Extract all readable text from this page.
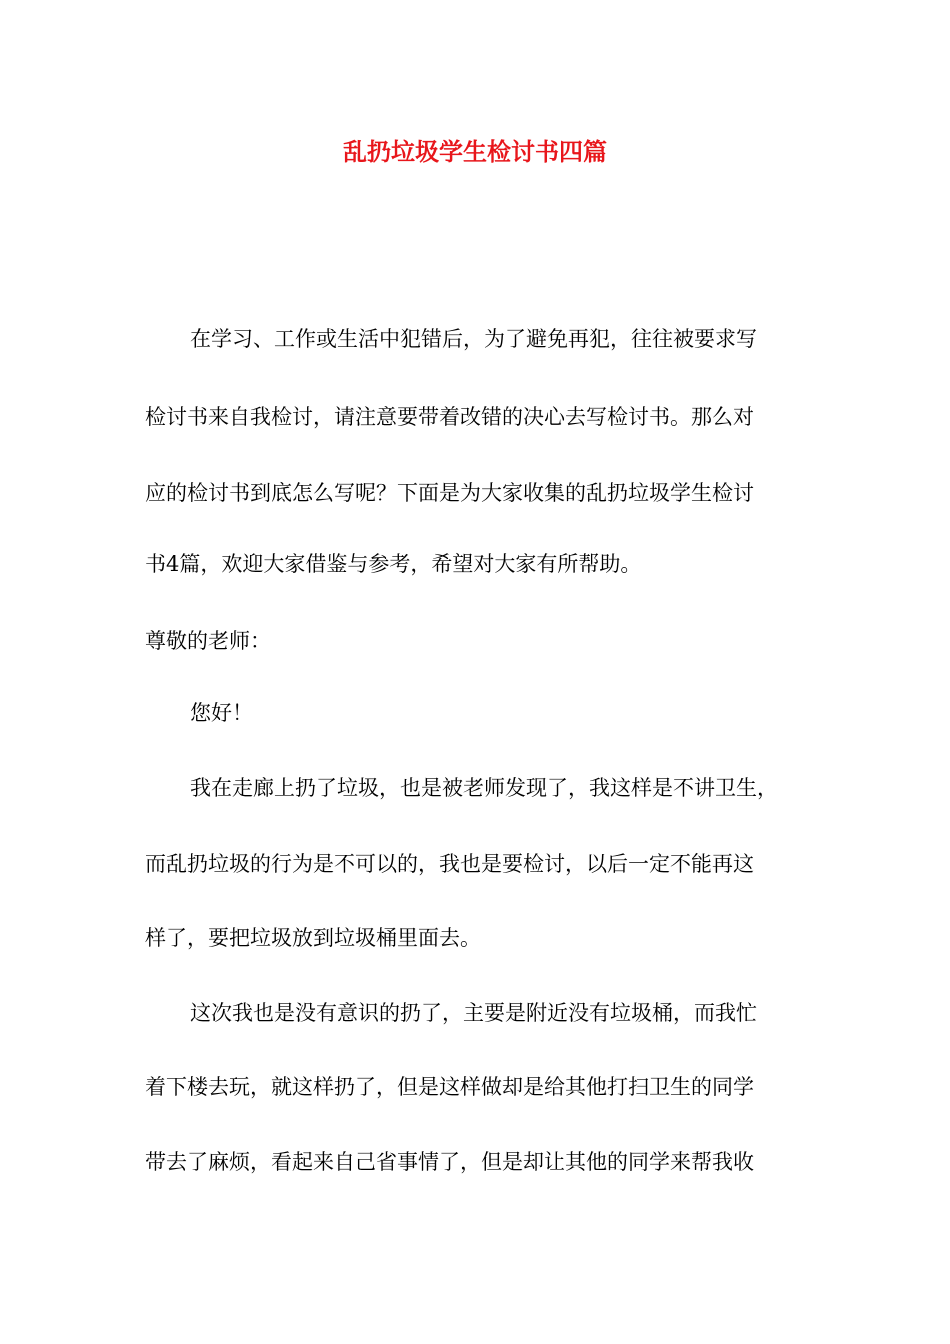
乱扔垃圾学生检讨书四篇

在学习、工作或生活中犯错后，为了避免再犯，往往被要求写

检讨书来自我检讨，请注意要带着改错的决心去写检讨书。那么对

应的检讨书到底怎么写呢？下面是为大家收集的乱扔垃圾学生检讨

书4篇，欢迎大家借鉴与参考，希望对大家有所帮助。

尊敬的老师：

您好！

我在走廊上扔了垃圾，也是被老师发现了，我这样是不讲卫生，

而乱扔垃圾的行为是不可以的，我也是要检讨，以后一定不能再这

样了，要把垃圾放到垃圾桶里面去。

这次我也是没有意识的扔了，主要是附近没有垃圾桶，而我忙

着下楼去玩，就这样扔了，但是这样做却是给其他打扫卫生的同学

带去了麻烦，看起来自己省事情了，但是却让其他的同学来帮我收
